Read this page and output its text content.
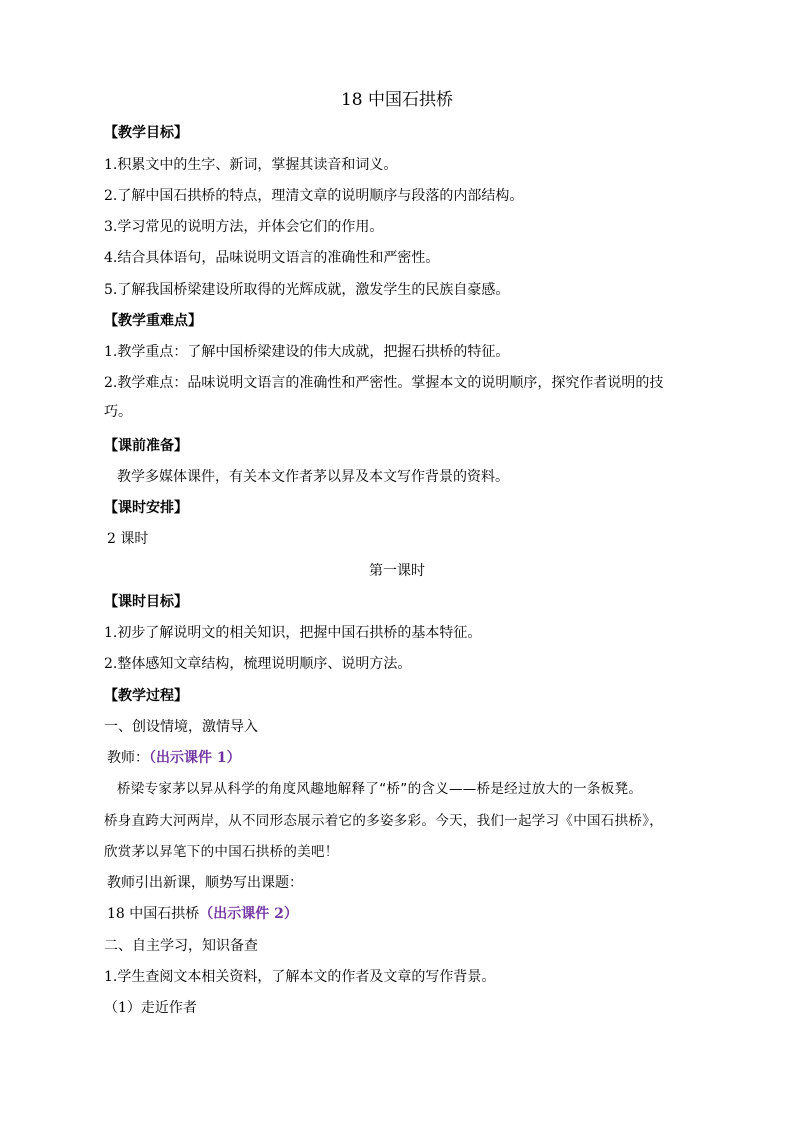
18 中国石拱桥
【教学目标】
1.积累文中的生字、新词，掌握其读音和词义。
2.了解中国石拱桥的特点，理清文章的说明顺序与段落的内部结构。
3.学习常见的说明方法，并体会它们的作用。
4.结合具体语句，品味说明文语言的准确性和严密性。
5.了解我国桥梁建设所取得的光辉成就，激发学生的民族自豪感。
【教学重难点】
1.教学重点：了解中国桥梁建设的伟大成就，把握石拱桥的特征。
2.教学难点：品味说明文语言的准确性和严密性。掌握本文的说明顺序，探究作者说明的技
巧。
【课前准备】
教学多媒体课件，有关本文作者茅以昇及本文写作背景的资料。
【课时安排】
2 课时
第一课时
【课时目标】
1.初步了解说明文的相关知识，把握中国石拱桥的基本特征。
2.整体感知文章结构，梳理说明顺序、说明方法。
【教学过程】
一、创设情境，激情导入
教师：（出示课件 1）
桥梁专家茅以昇从科学的角度风趣地解释了“桥”的含义——桥是经过放大的一条板凳。
桥身直跨大河两岸，从不同形态展示着它的多姿多彩。今天，我们一起学习《中国石拱桥》，
欣赏茅以昇笔下的中国石拱桥的美吧！
教师引出新课，顺势写出课题：
18 中国石拱桥（出示课件 2）
二、自主学习，知识备查
1.学生查阅文本相关资料，了解本文的作者及文章的写作背景。
（1）走近作者
